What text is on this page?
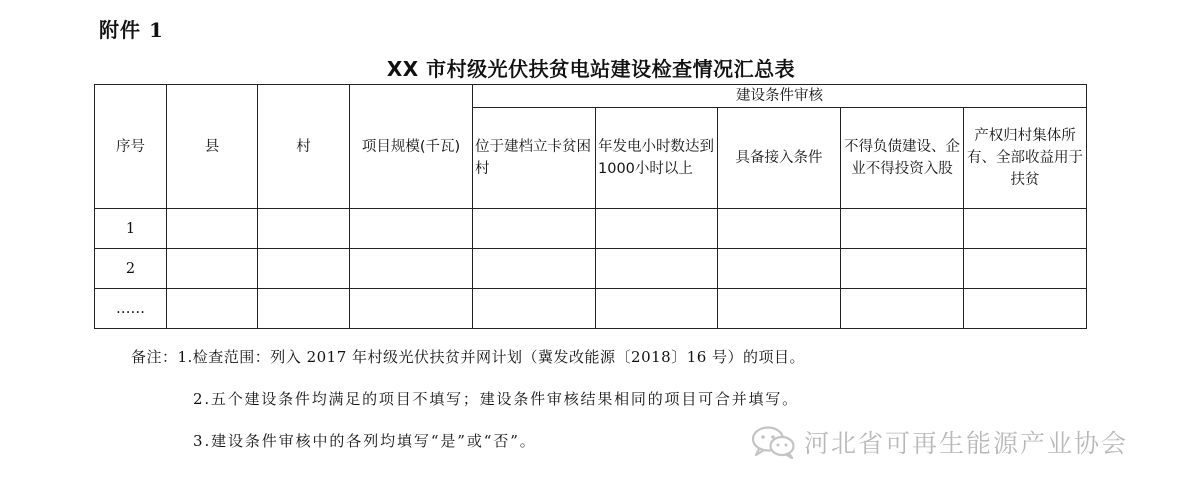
附件 1
XX 市村级光伏扶贫电站建设检查情况汇总表
序号	县	村	项目规模(千瓦)	建设条件审核				
				位于建档立卡贫困村	年发电小时数达到1000小时以上	具备接入条件	不得负债建设、企业不得投资入股	产权归村集体所有、全部收益用于扶贫
1								
2								
……								
备注：1.检查范围：列入 2017 年村级光伏扶贫并网计划（冀发改能源〔2018〕16 号）的项目。
2.五个建设条件均满足的项目不填写；建设条件审核结果相同的项目可合并填写。
3.建设条件审核中的各列均填写“是”或“否”。	河北省可再生能源产业协会
